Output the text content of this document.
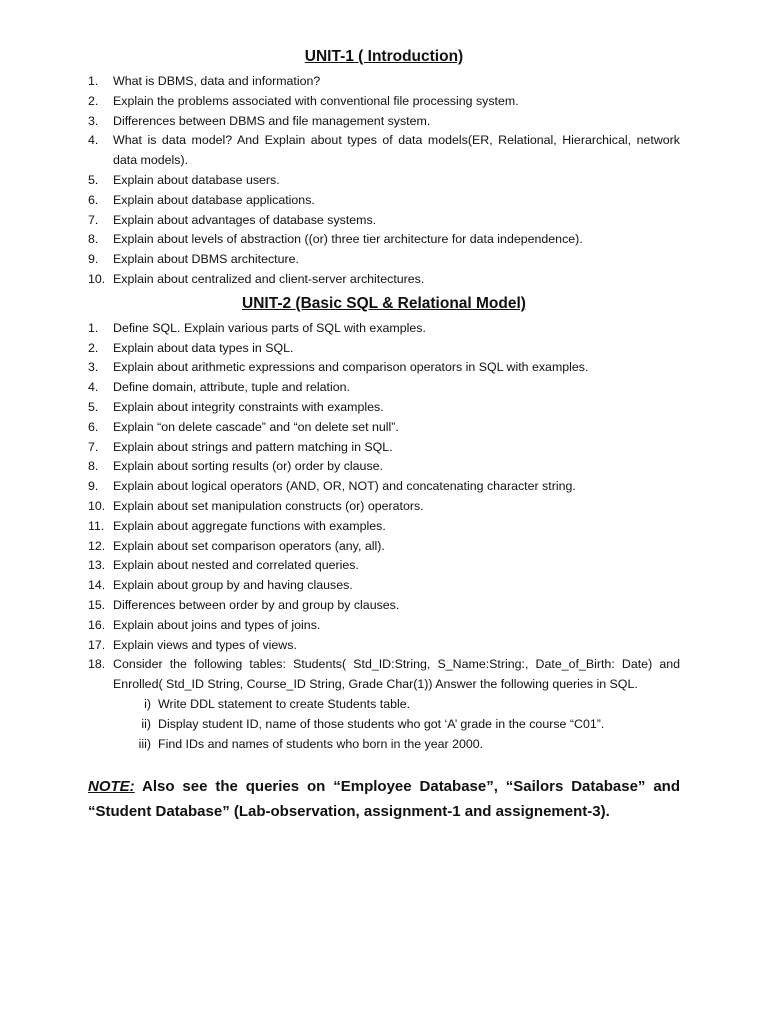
UNIT-1 ( Introduction)
1.	What is DBMS, data and information?
2.	Explain the problems associated with conventional file processing system.
3.	Differences between DBMS and file management system.
4.	What is data model? And Explain about types of data models(ER, Relational, Hierarchical, network data models).
5.	Explain about database users.
6.	Explain about database applications.
7.	Explain about advantages of database systems.
8.	Explain about levels of abstraction ((or) three tier architecture for data independence).
9.	Explain about DBMS architecture.
10. Explain about centralized and client-server architectures.
UNIT-2 (Basic SQL & Relational Model)
1.	Define SQL. Explain various parts of SQL with examples.
2.	Explain about data types in SQL.
3.	Explain about arithmetic expressions and comparison operators in SQL with examples.
4.	Define domain, attribute, tuple and relation.
5.	Explain about integrity constraints with examples.
6.	Explain “on delete cascade” and “on delete set null”.
7.	Explain about strings and pattern matching in SQL.
8.	Explain about sorting results (or) order by clause.
9.	Explain about logical operators (AND, OR, NOT) and concatenating character string.
10. Explain about set manipulation constructs (or) operators.
11. Explain about aggregate functions with examples.
12. Explain about set comparison operators (any, all).
13. Explain about nested and correlated queries.
14. Explain about group by and having clauses.
15. Differences between order by and group by clauses.
16. Explain about joins and types of joins.
17. Explain views and types of views.
18. Consider the following tables: Students( Std_ID:String, S_Name:String:, Date_of_Birth: Date) and Enrolled( Std_ID String, Course_ID String, Grade Char(1)) Answer the following queries in SQL.
i) Write DDL statement to create Students table.
ii) Display student ID, name of those students who got ‘A’ grade in the course “C01”.
iii) Find IDs and names of students who born in the year 2000.
NOTE: Also see the queries on “Employee Database”, “Sailors Database” and “Student Database” (Lab-observation, assignment-1 and assignement-3).
